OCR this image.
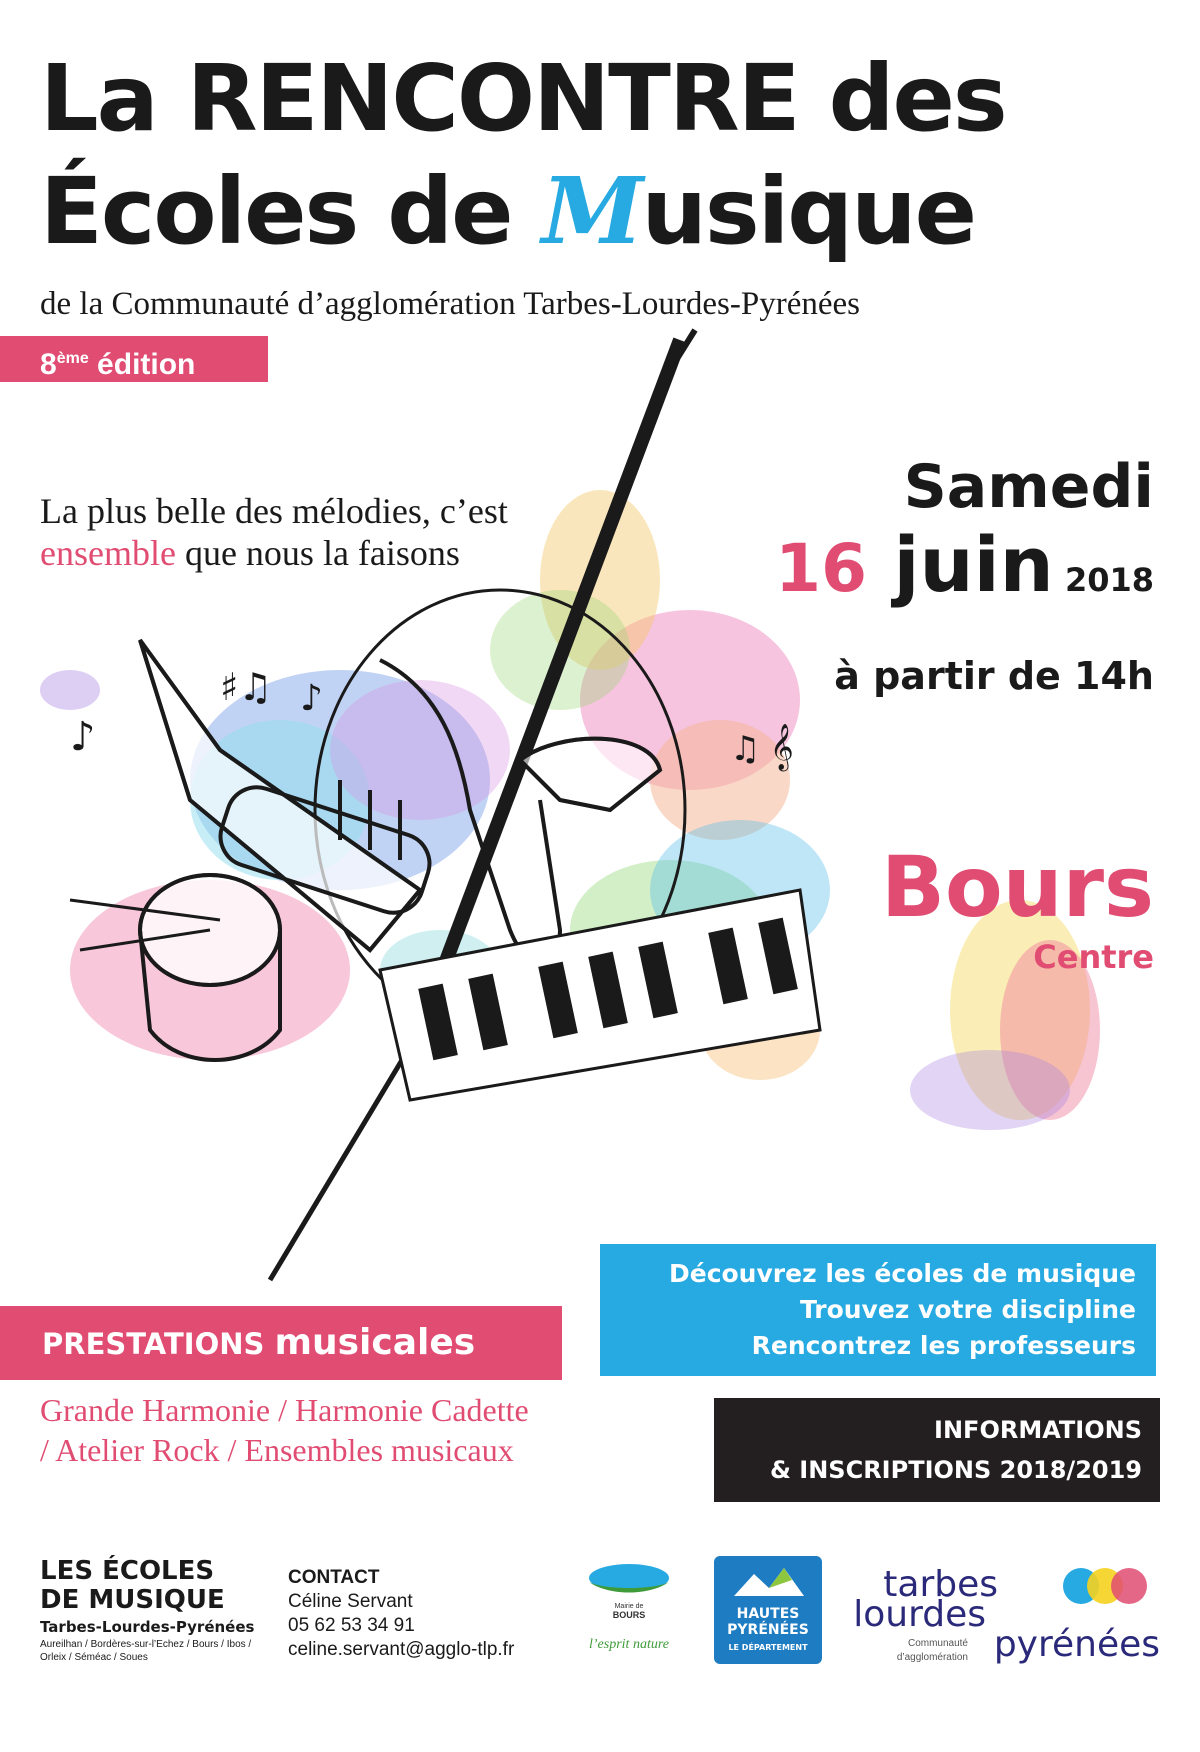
♪
♯♫ ♪
♫ 𝄞
La RENCONTRE des
Écoles de Musique
de la Communauté d’agglomération Tarbes-Lourdes-Pyrénées
8ème édition
La plus belle des mélodies, c’est ensemble que nous la faisons
Samedi
16 juin 2018
à partir de 14h
Bours
Centre
Découvrez les écoles de musique
Trouvez votre discipline
Rencontrez les professeurs
PRESTATIONS musicales
Grande Harmonie / Harmonie Cadette / Atelier Rock / Ensembles musicaux
INFORMATIONS
& INSCRIPTIONS 2018/2019
LES ÉCOLES
DE MUSIQUE
Tarbes-Lourdes-Pyrénées
Aureilhan / Bordères-sur-l’Echez / Bours / Ibos / Orleix / Séméac / Soues
CONTACT
Céline Servant
05 62 53 34 91
celine.servant@agglo-tlp.fr
Mairie de
BOURS
l’esprit nature
HAUTES
PYRÉNÉES
LE DÉPARTEMENT
tarbes
lourdes
pyrénées
Communauté
d’agglomération
